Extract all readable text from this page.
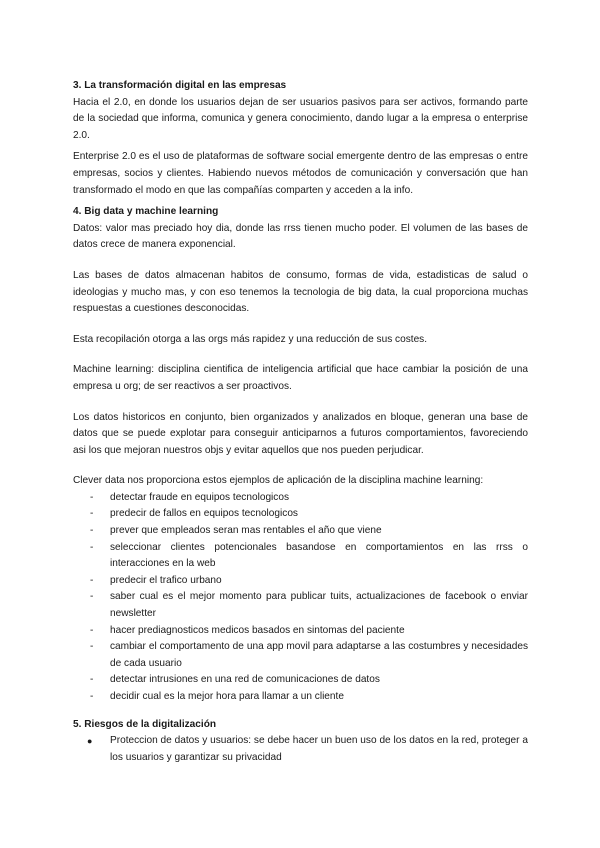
3. La transformación digital en las empresas

Hacia el 2.0, en donde los usuarios dejan de ser usuarios pasivos para ser activos, formando parte de la sociedad que informa, comunica y genera conocimiento, dando lugar a la empresa o enterprise 2.0.

Enterprise 2.0 es el uso de plataformas de software social emergente dentro de las empresas o entre empresas, socios y clientes. Habiendo nuevos métodos de comunicación y conversación que han transformado el modo en que las compañías comparten y acceden a la info.

4. Big data y machine learning

Datos: valor mas preciado hoy dia, donde las rrss tienen mucho poder. El volumen de las bases de datos crece de manera exponencial.

Las bases de datos almacenan habitos de consumo, formas de vida, estadisticas de salud o ideologias y mucho mas, y con eso tenemos la tecnologia de big data, la cual proporciona muchas respuestas a cuestiones desconocidas.

Esta recopilación otorga a las orgs más rapidez y una reducción de sus costes.

Machine learning: disciplina cientifica de inteligencia artificial que hace cambiar la posición de una empresa u org; de ser reactivos a ser proactivos.

Los datos historicos en conjunto, bien organizados y analizados en bloque, generan una base de datos que se puede explotar para conseguir anticiparnos a futuros comportamientos, favoreciendo asi los que mejoran nuestros objs y evitar aquellos que nos pueden perjudicar.

Clever data nos proporciona estos ejemplos de aplicación de la disciplina machine learning:

- detectar fraude en equipos tecnologicos
- predecir de fallos en equipos tecnologicos
- prever que empleados seran mas rentables el año que viene
- seleccionar clientes potencionales basandose en comportamientos en las rrss o interacciones en la web
- predecir el trafico urbano
- saber cual es el mejor momento para publicar tuits, actualizaciones de facebook o enviar newsletter
- hacer prediagnosticos medicos basados en sintomas del paciente
- cambiar el comportamento de una app movil para adaptarse a las costumbres y necesidades de cada usuario
- detectar intrusiones en una red de comunicaciones de datos
- decidir cual es la mejor hora para llamar a un cliente

5. Riesgos de la digitalización

● Proteccion de datos y usuarios: se debe hacer un buen uso de los datos en la red, proteger a los usuarios y garantizar su privacidad
